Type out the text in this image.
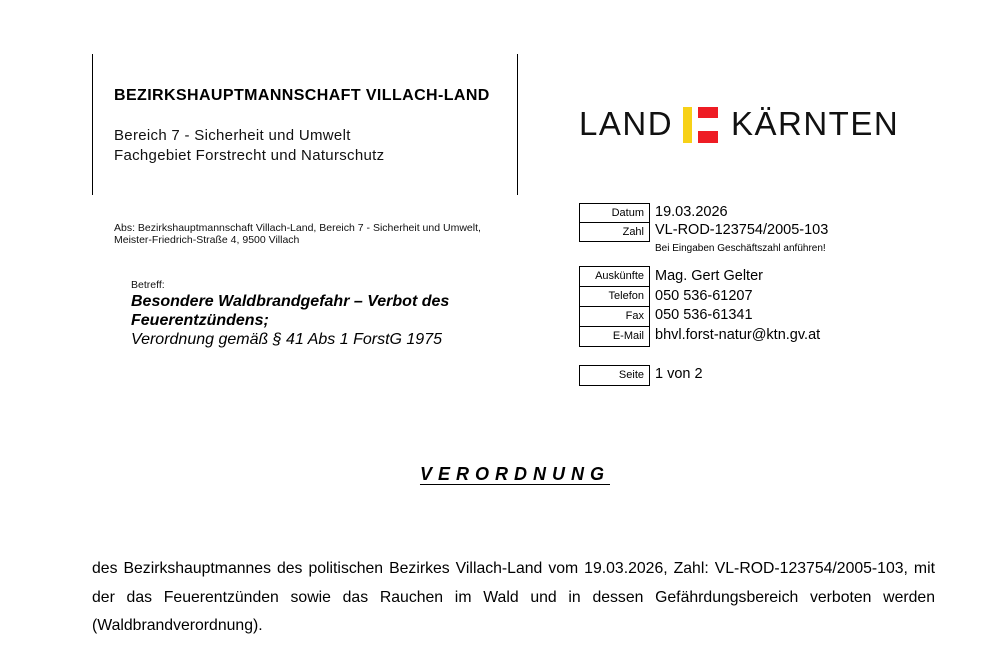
BEZIRKSHAUPTMANNSCHAFT VILLACH-LAND
Bereich 7 - Sicherheit und Umwelt
Fachgebiet Forstrecht und Naturschutz
LAND KÄRNTEN
Abs: Bezirkshauptmannschaft Villach-Land, Bereich 7 - Sicherheit und Umwelt,
Meister-Friedrich-Straße 4, 9500 Villach
Betreff:
Besondere Waldbrandgefahr – Verbot des Feuerentzündens;
Verordnung gemäß § 41 Abs 1 ForstG 1975
Datum
Zahl
19.03.2026
VL-ROD-123754/2005-103
Bei Eingaben Geschäftszahl anführen!
Auskünfte
Telefon
Fax
E-Mail
Mag. Gert Gelter
050 536-61207
050 536-61341
bhvl.forst-natur@ktn.gv.at
Seite 1 von 2
VERORDNUNG
des Bezirkshauptmannes des politischen Bezirkes Villach-Land vom 19.03.2026, Zahl: VL-ROD-123754/2005-103, mit der das Feuerentzünden sowie das Rauchen im Wald und in dessen Gefährdungsbereich verboten werden (Waldbrandverordnung).
